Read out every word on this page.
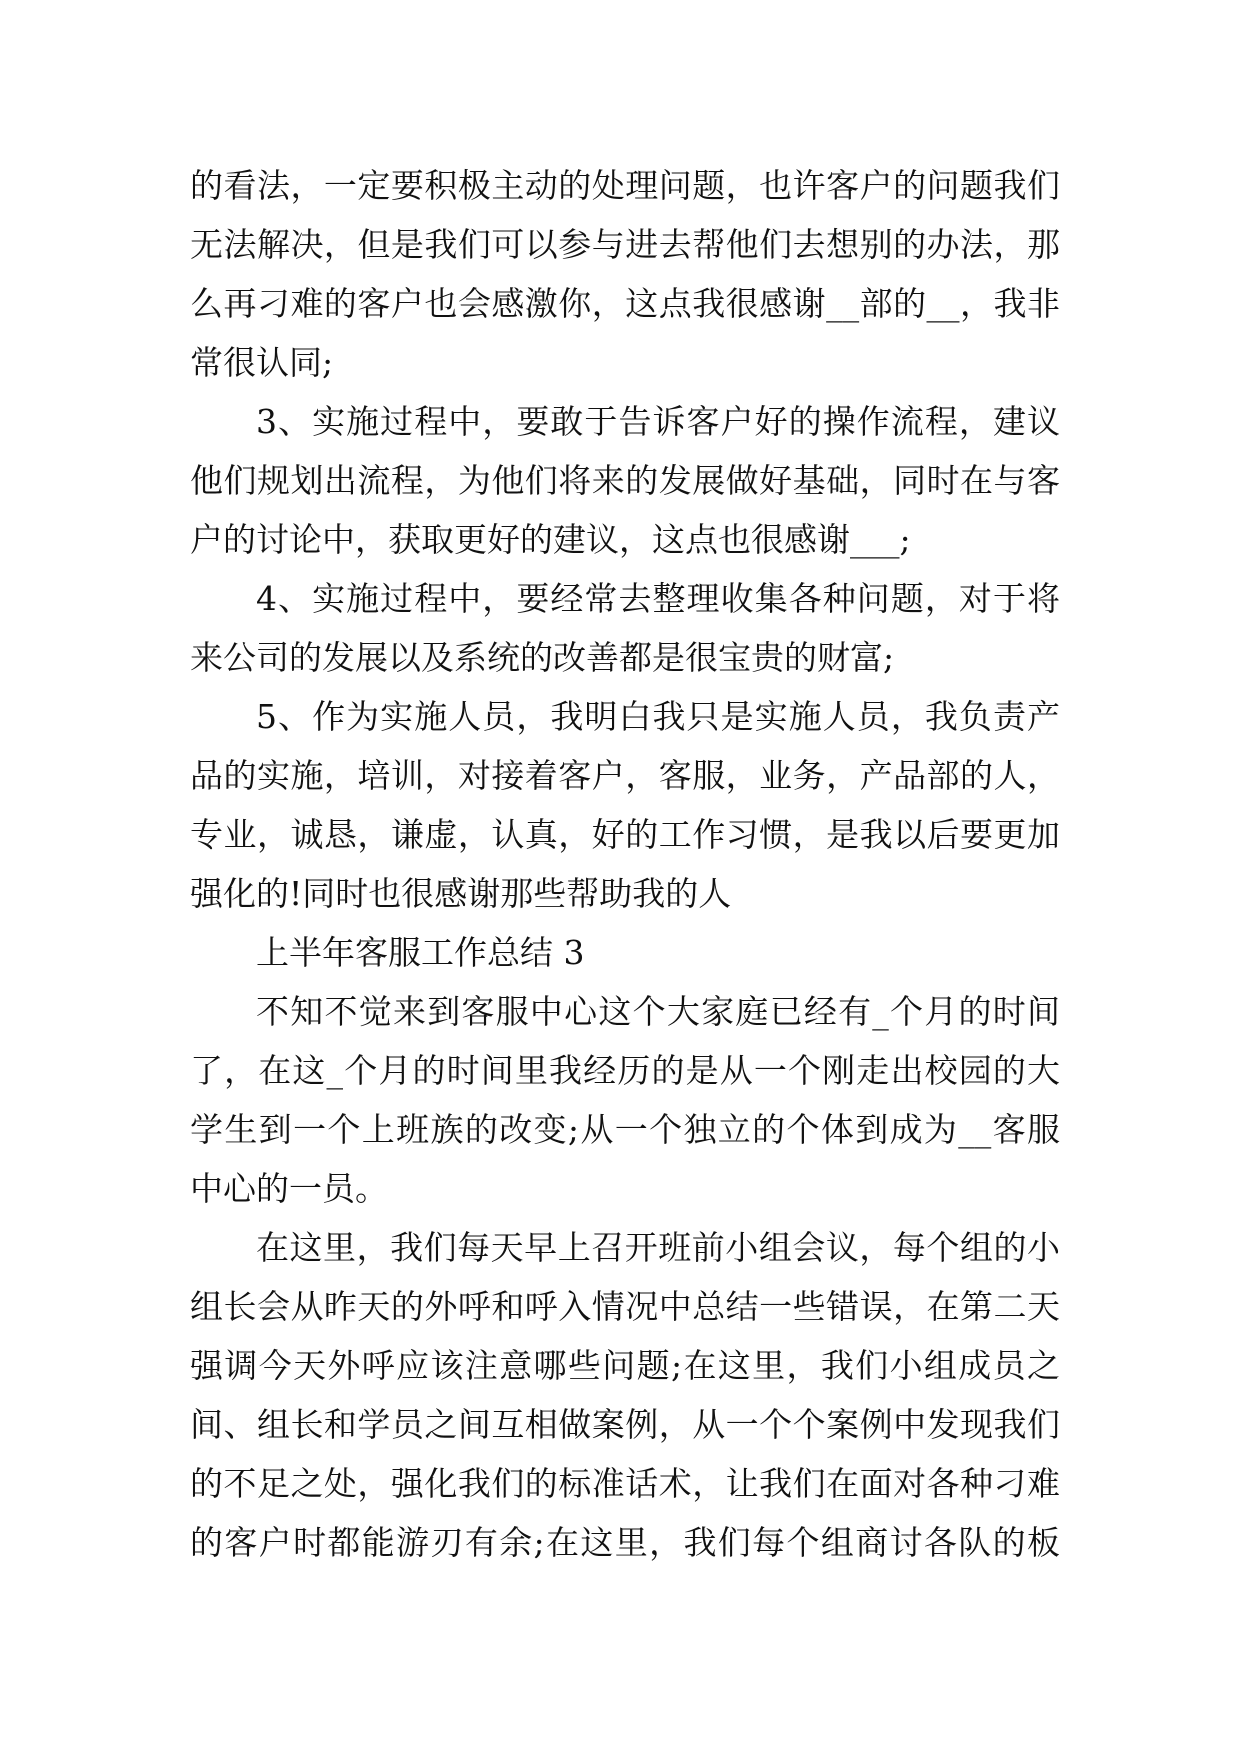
的看法，一定要积极主动的处理问题，也许客户的问题我们
无法解决，但是我们可以参与进去帮他们去想别的办法，那
么再刁难的客户也会感激你，这点我很感谢__部的__，我非
常很认同;
3、实施过程中，要敢于告诉客户好的操作流程，建议
他们规划出流程，为他们将来的发展做好基础，同时在与客
户的讨论中，获取更好的建议，这点也很感谢___;
4、实施过程中，要经常去整理收集各种问题，对于将
来公司的发展以及系统的改善都是很宝贵的财富;
5、作为实施人员，我明白我只是实施人员，我负责产
品的实施，培训，对接着客户，客服，业务，产品部的人，
专业，诚恳，谦虚，认真，好的工作习惯，是我以后要更加
强化的!同时也很感谢那些帮助我的人
上半年客服工作总结 3
不知不觉来到客服中心这个大家庭已经有_个月的时间
了，在这_个月的时间里我经历的是从一个刚走出校园的大
学生到一个上班族的改变;从一个独立的个体到成为__客服
中心的一员。
在这里，我们每天早上召开班前小组会议，每个组的小
组长会从昨天的外呼和呼入情况中总结一些错误，在第二天
强调今天外呼应该注意哪些问题;在这里，我们小组成员之
间、组长和学员之间互相做案例，从一个个案例中发现我们
的不足之处，强化我们的标准话术，让我们在面对各种刁难
的客户时都能游刃有余;在这里，我们每个组商讨各队的板
